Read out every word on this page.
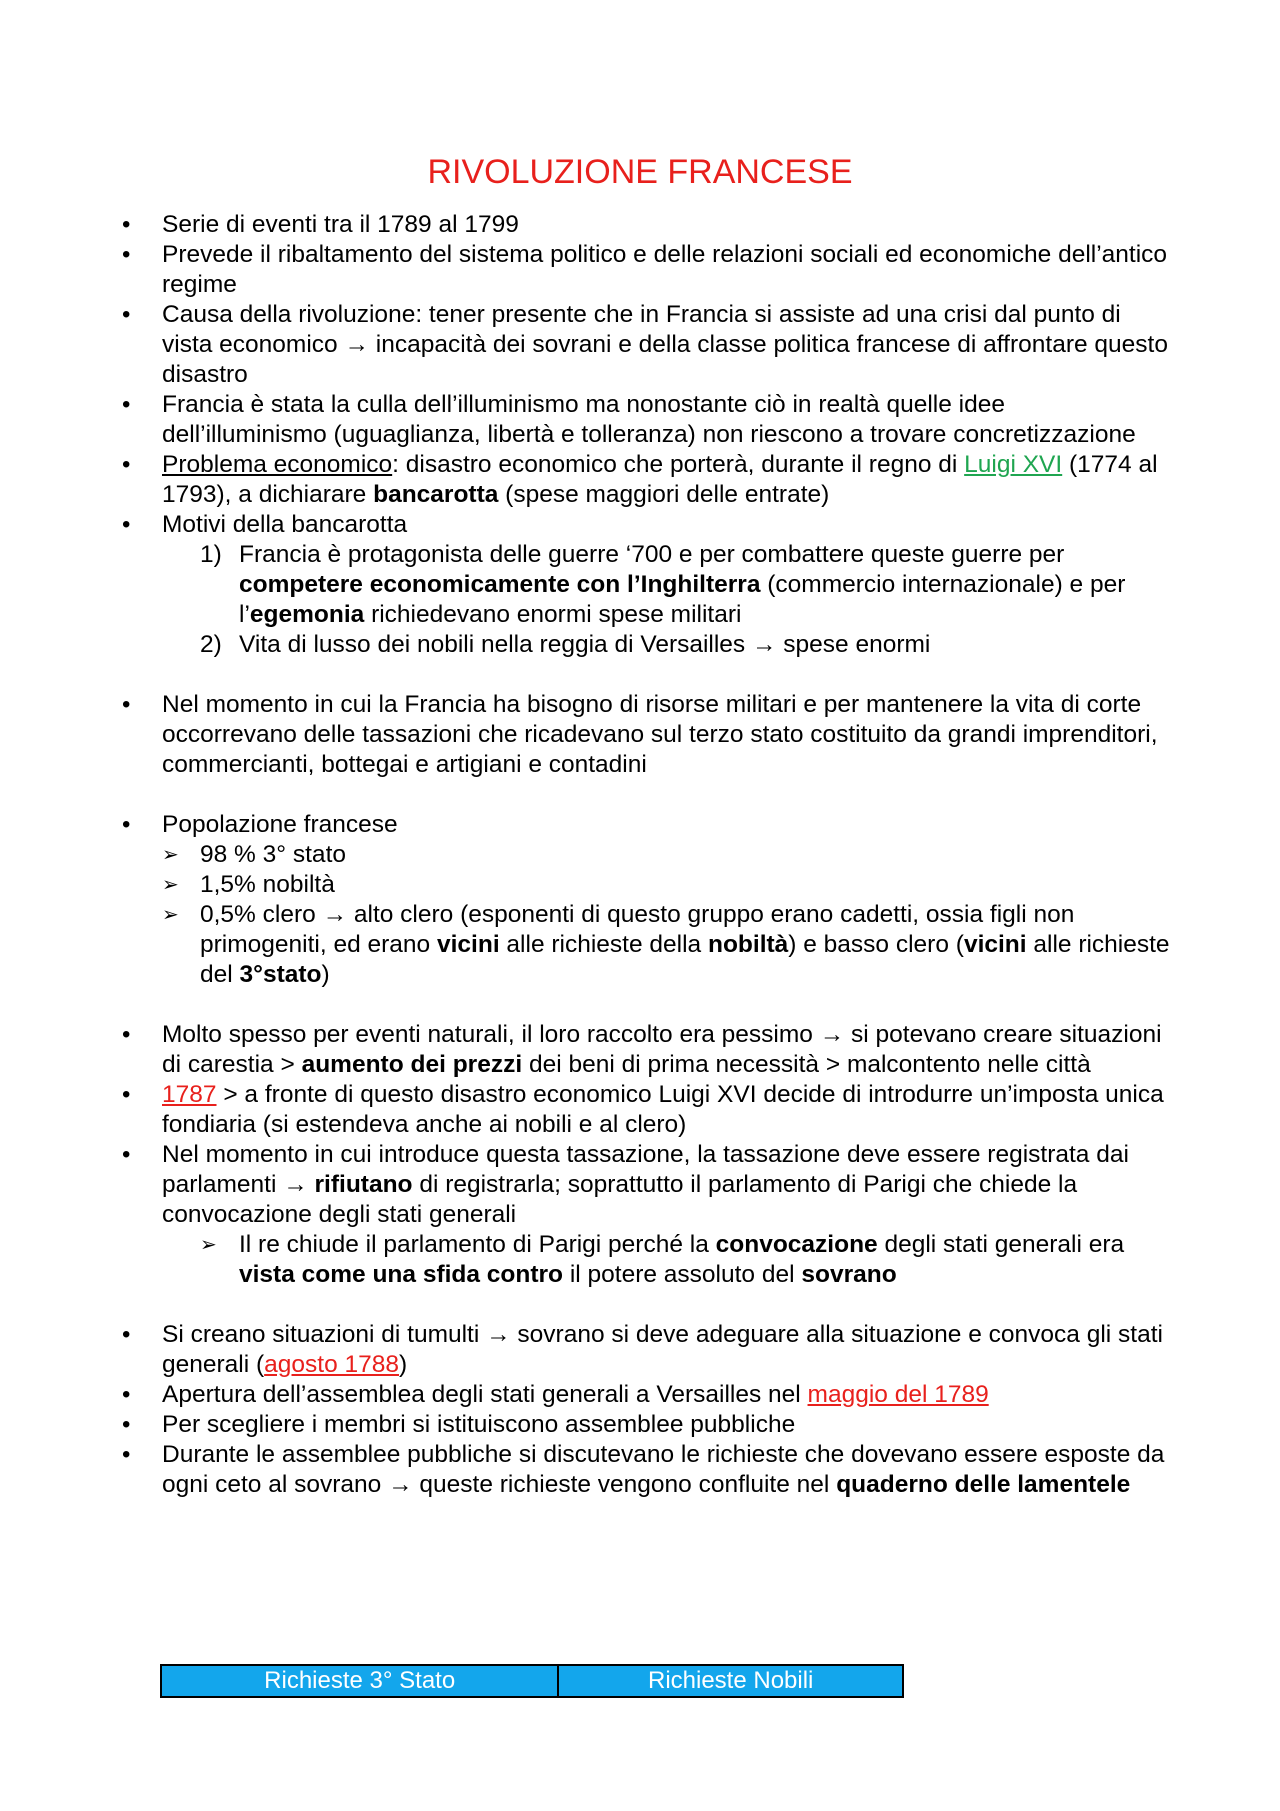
RIVOLUZIONE FRANCESE
• Serie di eventi tra il 1789 al 1799
• Prevede il ribaltamento del sistema politico e delle relazioni sociali ed economiche dell’antico regime
• Causa della rivoluzione: tener presente che in Francia si assiste ad una crisi dal punto di vista economico → incapacità dei sovrani e della classe politica francese di affrontare questo disastro
• Francia è stata la culla dell’illuminismo ma nonostante ciò in realtà quelle idee dell’illuminismo (uguaglianza, libertà e tolleranza) non riescono a trovare concretizzazione
• Problema economico: disastro economico che porterà, durante il regno di Luigi XVI (1774 al 1793), a dichiarare bancarotta (spese maggiori delle entrate)
• Motivi della bancarotta
1) Francia è protagonista delle guerre ‘700 e per combattere queste guerre per competere economicamente con l’Inghilterra (commercio internazionale) e per l’egemonia richiedevano enormi spese militari
2) Vita di lusso dei nobili nella reggia di Versailles → spese enormi
• Nel momento in cui la Francia ha bisogno di risorse militari e per mantenere la vita di corte occorrevano delle tassazioni che ricadevano sul terzo stato costituito da grandi imprenditori, commercianti, bottegai e artigiani e contadini
• Popolazione francese
➢ 98 % 3° stato
➢ 1,5% nobiltà
➢ 0,5% clero → alto clero (esponenti di questo gruppo erano cadetti, ossia figli non primogeniti, ed erano vicini alle richieste della nobiltà) e basso clero (vicini alle richieste del 3°stato)
• Molto spesso per eventi naturali, il loro raccolto era pessimo → si potevano creare situazioni di carestia > aumento dei prezzi dei beni di prima necessità > malcontento nelle città
• 1787 > a fronte di questo disastro economico Luigi XVI decide di introdurre un’imposta unica fondiaria (si estendeva anche ai nobili e al clero)
• Nel momento in cui introduce questa tassazione, la tassazione deve essere registrata dai parlamenti → rifiutano di registrarla; soprattutto il parlamento di Parigi che chiede la convocazione degli stati generali
➢ Il re chiude il parlamento di Parigi perché la convocazione degli stati generali era vista come una sfida contro il potere assoluto del sovrano
• Si creano situazioni di tumulti → sovrano si deve adeguare alla situazione e convoca gli stati generali (agosto 1788)
• Apertura dell’assemblea degli stati generali a Versailles nel maggio del 1789
• Per scegliere i membri si istituiscono assemblee pubbliche
• Durante le assemblee pubbliche si discutevano le richieste che dovevano essere esposte da ogni ceto al sovrano → queste richieste vengono confluite nel quaderno delle lamentele
Richieste 3° Stato	Richieste Nobili
